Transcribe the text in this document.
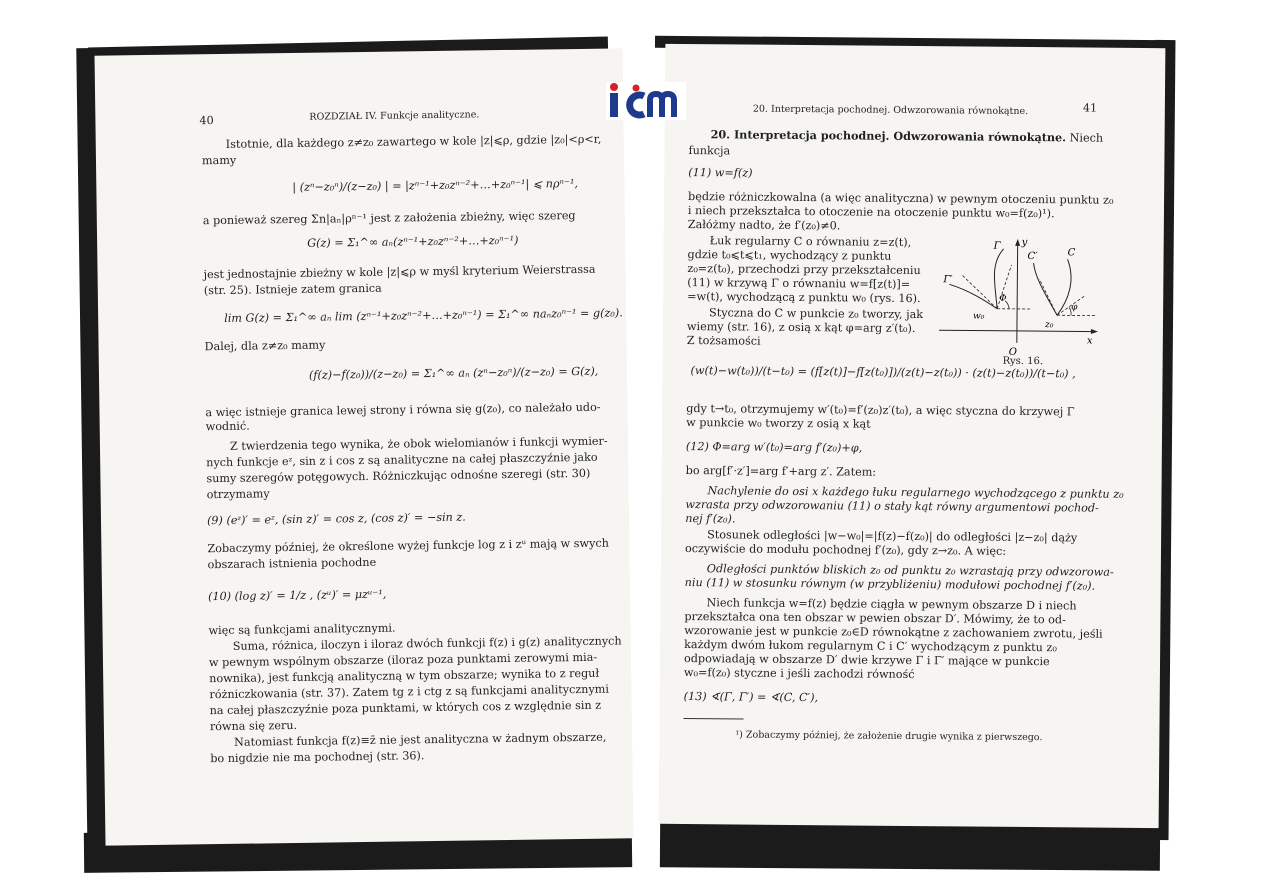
40	ROZDZIAŁ IV. Funkcje analityczne.
Istotnie, dla każdego z≠z₀ zawartego w kole |z|⩽ρ, gdzie |z₀|<ρ<r,
mamy
| (zⁿ−z₀ⁿ)/(z−z₀) | = |zⁿ⁻¹+z₀zⁿ⁻²+…+z₀ⁿ⁻¹| ⩽ nρⁿ⁻¹,
a ponieważ szereg Σn|aₙ|ρⁿ⁻¹ jest z założenia zbieżny, więc szereg
G(z) = Σ₁^∞ aₙ(zⁿ⁻¹+z₀zⁿ⁻²+…+z₀ⁿ⁻¹)
jest jednostajnie zbieżny w kole |z|⩽ρ w myśl kryterium Weierstrassa
(str. 25). Istnieje zatem granica
lim G(z) = Σ₁^∞ aₙ lim (zⁿ⁻¹+z₀zⁿ⁻²+…+z₀ⁿ⁻¹) = Σ₁^∞ naₙz₀ⁿ⁻¹ = g(z₀).
Dalej, dla z≠z₀ mamy
(f(z)−f(z₀))/(z−z₀) = Σ₁^∞ aₙ (zⁿ−z₀ⁿ)/(z−z₀) = G(z),
a więc istnieje granica lewej strony i równa się g(z₀), co należało udo-
wodnić.
Z twierdzenia tego wynika, że obok wielomianów i funkcji wymier-
nych funkcje eᶻ, sin z i cos z są analityczne na całej płaszczyźnie jako
sumy szeregów potęgowych. Różniczkując odnośne szeregi (str. 30)
otrzymamy
(9) (eᶻ)′ = eᶻ, (sin z)′ = cos z, (cos z)′ = −sin z.
Zobaczymy później, że określone wyżej funkcje log z i zᵘ mają w swych
obszarach istnienia pochodne
(10) (log z)′ = 1/z , (zᵘ)′ = μzᵘ⁻¹,
więc są funkcjami analitycznymi.
Suma, różnica, iloczyn i iloraz dwóch funkcji f(z) i g(z) analitycznych
w pewnym wspólnym obszarze (iloraz poza punktami zerowymi mia-
nownika), jest funkcją analityczną w tym obszarze; wynika to z reguł
różniczkowania (str. 37). Zatem tg z i ctg z są funkcjami analitycznymi
na całej płaszczyźnie poza punktami, w których cos z względnie sin z
równa się zeru.
Natomiast funkcja f(z)≡z̄ nie jest analityczna w żadnym obszarze,
bo nigdzie nie ma pochodnej (str. 36).
20. Interpretacja pochodnej. Odwzorowania równokątne.	41
20. Interpretacja pochodnej. Odwzorowania równokątne. Niech
funkcja
(11) w=f(z)
będzie różniczkowalna (a więc analityczna) w pewnym otoczeniu punktu z₀
i niech przekształca to otoczenie na otoczenie punktu w₀=f(z₀)¹).
Załóżmy nadto, że f′(z₀)≠0.
Łuk regularny C o równaniu z=z(t),
gdzie t₀⩽t⩽t₁, wychodzący z punktu
z₀=z(t₀), przechodzi przy przekształceniu
(11) w krzywą Γ o równaniu w=f[z(t)]=
=w(t), wychodzącą z punktu w₀ (rys. 16).
Styczna do C w punkcie z₀ tworzy, jak
wiemy (str. 16), z osią x kąt φ=arg z′(t₀).
Z tożsamości
y
x
O
Γ
Γ′
C
C′
w₀
z₀
Φ
φ
Rys. 16.
(w(t)−w(t₀))/(t−t₀) = (f[z(t)]−f[z(t₀)])/(z(t)−z(t₀)) · (z(t)−z(t₀))/(t−t₀) ,
gdy t→t₀, otrzymujemy w′(t₀)=f′(z₀)z′(t₀), a więc styczna do krzywej Γ
w punkcie w₀ tworzy z osią x kąt
(12) Φ=arg w′(t₀)=arg f′(z₀)+φ,
bo arg[f′·z′]=arg f′+arg z′. Zatem:
Nachylenie do osi x każdego łuku regularnego wychodzącego z punktu z₀
wzrasta przy odwzorowaniu (11) o stały kąt równy argumentowi pochod-
nej f′(z₀).
Stosunek odległości |w−w₀|=|f(z)−f(z₀)| do odległości |z−z₀| dąży
oczywiście do modułu pochodnej f′(z₀), gdy z→z₀. A więc:
Odległości punktów bliskich z₀ od punktu z₀ wzrastają przy odwzorowa-
niu (11) w stosunku równym (w przybliżeniu) modułowi pochodnej f′(z₀).
Niech funkcja w=f(z) będzie ciągła w pewnym obszarze D i niech
przekształca ona ten obszar w pewien obszar D′. Mówimy, że to od-
wzorowanie jest w punkcie z₀∈D równokątne z zachowaniem zwrotu, jeśli
każdym dwóm łukom regularnym C i C′ wychodzącym z punktu z₀
odpowiadają w obszarze D′ dwie krzywe Γ i Γ′ mające w punkcie
w₀=f(z₀) styczne i jeśli zachodzi równość
(13) ∢(Γ, Γ′) = ∢(C, C′),
¹) Zobaczymy później, że założenie drugie wynika z pierwszego.
